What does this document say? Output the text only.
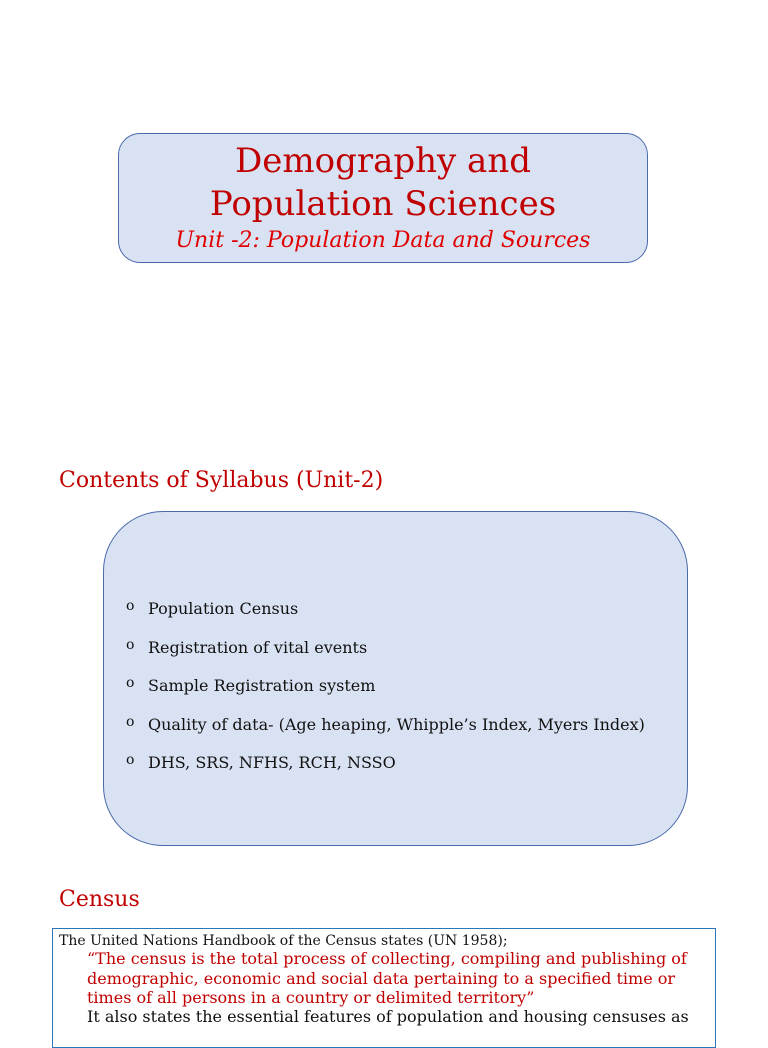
Demography and
Population Sciences
Unit -2: Population Data and Sources
Contents of Syllabus (Unit-2)
o Population Census
o Registration of vital events
o Sample Registration system
o Quality of data- (Age heaping, Whipple’s Index, Myers Index)
o DHS, SRS, NFHS, RCH, NSSO
Census
The United Nations Handbook of the Census states (UN 1958);
“The census is the total process of collecting, compiling and publishing of demographic, economic and social data pertaining to a specified time or times of all persons in a country or delimited territory”
It also states the essential features of population and housing censuses as
